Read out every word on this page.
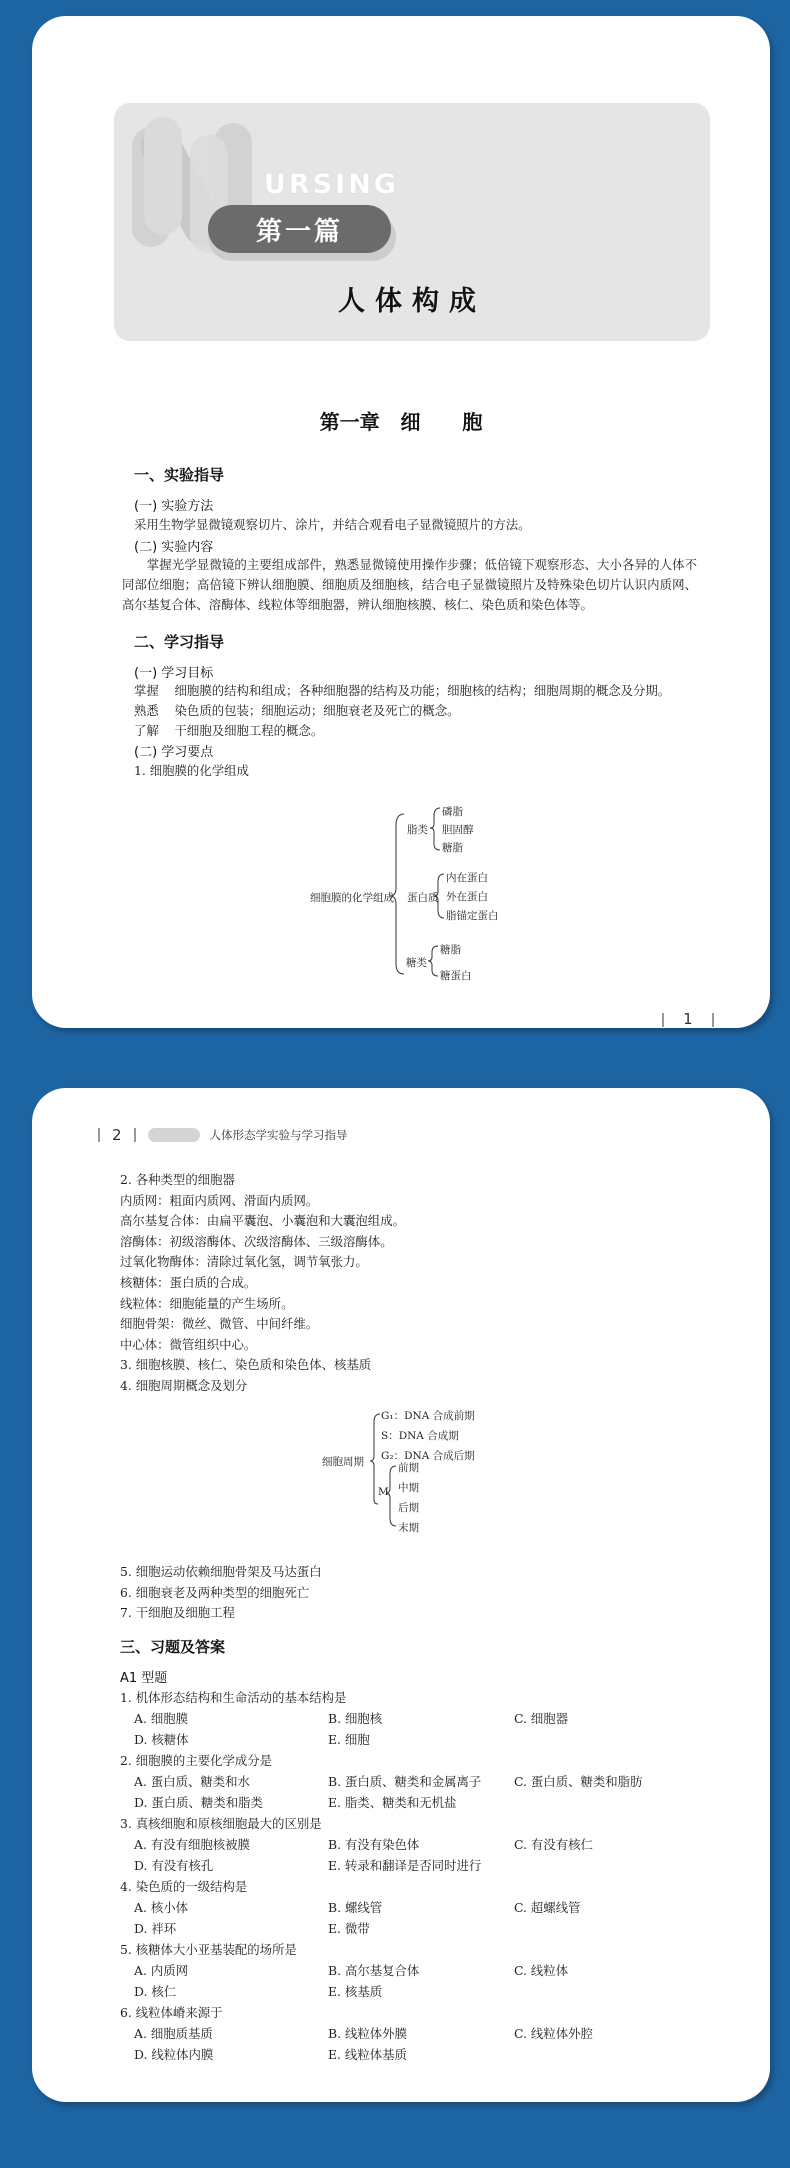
URSING
第一篇
人体构成
第一章   细      胞
一、实验指导
(一) 实验方法
采用生物学显微镜观察切片、涂片，并结合观看电子显微镜照片的方法。
(二) 实验内容
掌握光学显微镜的主要组成部件，熟悉显微镜使用操作步骤；低倍镜下观察形态、大小各异的人体不同部位细胞；高倍镜下辨认细胞膜、细胞质及细胞核，结合电子显微镜照片及特殊染色切片认识内质网、高尔基复合体、溶酶体、线粒体等细胞器，辨认细胞核膜、核仁、染色质和染色体等。
二、学习指导
(一) 学习目标
掌握    细胞膜的结构和组成；各种细胞器的结构及功能；细胞核的结构；细胞周期的概念及分期。
熟悉    染色质的包装；细胞运动；细胞衰老及死亡的概念。
了解    干细胞及细胞工程的概念。
(二) 学习要点
1. 细胞膜的化学组成
细胞膜的化学组成
脂类
磷脂
胆固醇
糖脂
蛋白质
内在蛋白
外在蛋白
脂锚定蛋白
糖类
糖脂
糖蛋白
1
2	人体形态学实验与学习指导
2. 各种类型的细胞器
内质网：粗面内质网、滑面内质网。
高尔基复合体：由扁平囊泡、小囊泡和大囊泡组成。
溶酶体：初级溶酶体、次级溶酶体、三级溶酶体。
过氧化物酶体：清除过氧化氢，调节氧张力。
核糖体：蛋白质的合成。
线粒体：细胞能量的产生场所。
细胞骨架：微丝、微管、中间纤维。
中心体：微管组织中心。
3. 细胞核膜、核仁、染色质和染色体、核基质
4. 细胞周期概念及划分
细胞周期
G₁：DNA 合成前期
S：DNA 合成期
G₂：DNA 合成后期
M
前期
中期
后期
末期
5. 细胞运动依赖细胞骨架及马达蛋白
6. 细胞衰老及两种类型的细胞死亡
7. 干细胞及细胞工程
三、习题及答案
A1 型题
1. 机体形态结构和生命活动的基本结构是
A. 细胞膜	B. 细胞核	C. 细胞器
D. 核糖体	E. 细胞
2. 细胞膜的主要化学成分是
A. 蛋白质、糖类和水	B. 蛋白质、糖类和金属离子	C. 蛋白质、糖类和脂肪
D. 蛋白质、糖类和脂类	E. 脂类、糖类和无机盐
3. 真核细胞和原核细胞最大的区别是
A. 有没有细胞核被膜	B. 有没有染色体	C. 有没有核仁
D. 有没有核孔	E. 转录和翻译是否同时进行
4. 染色质的一级结构是
A. 核小体	B. 螺线管	C. 超螺线管
D. 袢环	E. 微带
5. 核糖体大小亚基装配的场所是
A. 内质网	B. 高尔基复合体	C. 线粒体
D. 核仁	E. 核基质
6. 线粒体嵴来源于
A. 细胞质基质	B. 线粒体外膜	C. 线粒体外腔
D. 线粒体内膜	E. 线粒体基质
